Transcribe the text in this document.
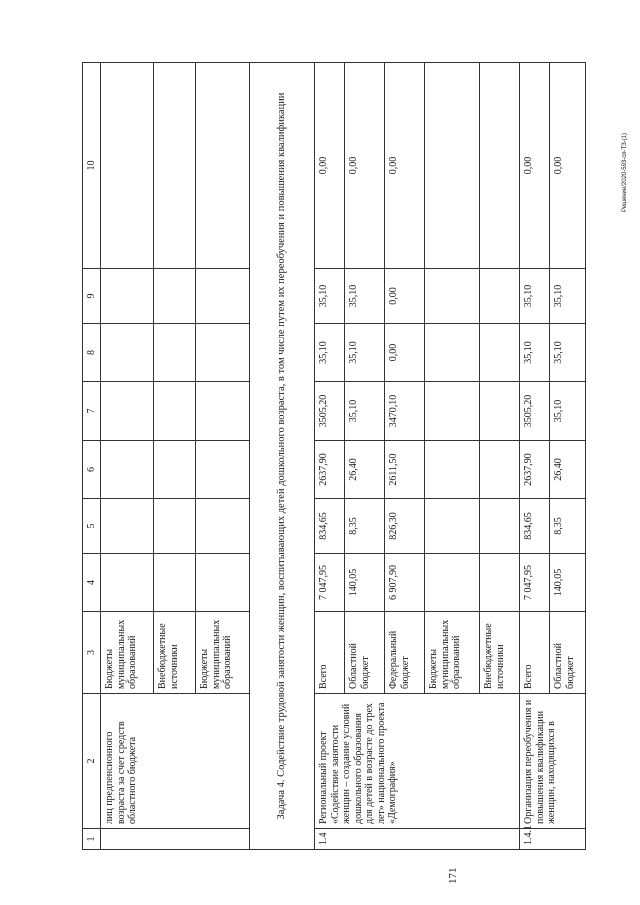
171
1	2	3	4	5	6	7	8	9	10
	лиц предпенсионного возраста за счет средств областного бюджета	Бюджеты муниципальных образований							
		Внебюджетные источники							
		Бюджеты муниципальных образований							
Задача 4. Содействие трудовой занятости женщин, воспитывающих детей дошкольного возраста, в том числе путем их переобучения и повышения квалификации									
1.4	Региональный проект «Содействие занятости женщин – создание условий дошкольного образования для детей в возрасте до трех лет» национального проекта «Демография»	Всего	7 047,95	834,65	2637,90	3505,20	35,10	35,10	0,00
		Областной бюджет	140,05	8,35	26,40	35,10	35,10	35,10	0,00
		Федеральный бюджет	6 907,90	826,30	2611,50	3470,10	0,00	0,00	0,00
		Бюджеты муниципальных образований							
		Внебюджетные источники							
1.4.1	Организация переобучения и повышения квалификации женщин, находящихся в	Всего	7 047,95	834,65	2637,90	3505,20	35,10	35,10	0,00
		Областной бюджет	140,05	8,35	26,40	35,10	35,10	35,10	0,00	Решение/2020-593-сп-ТЗ-(1)
